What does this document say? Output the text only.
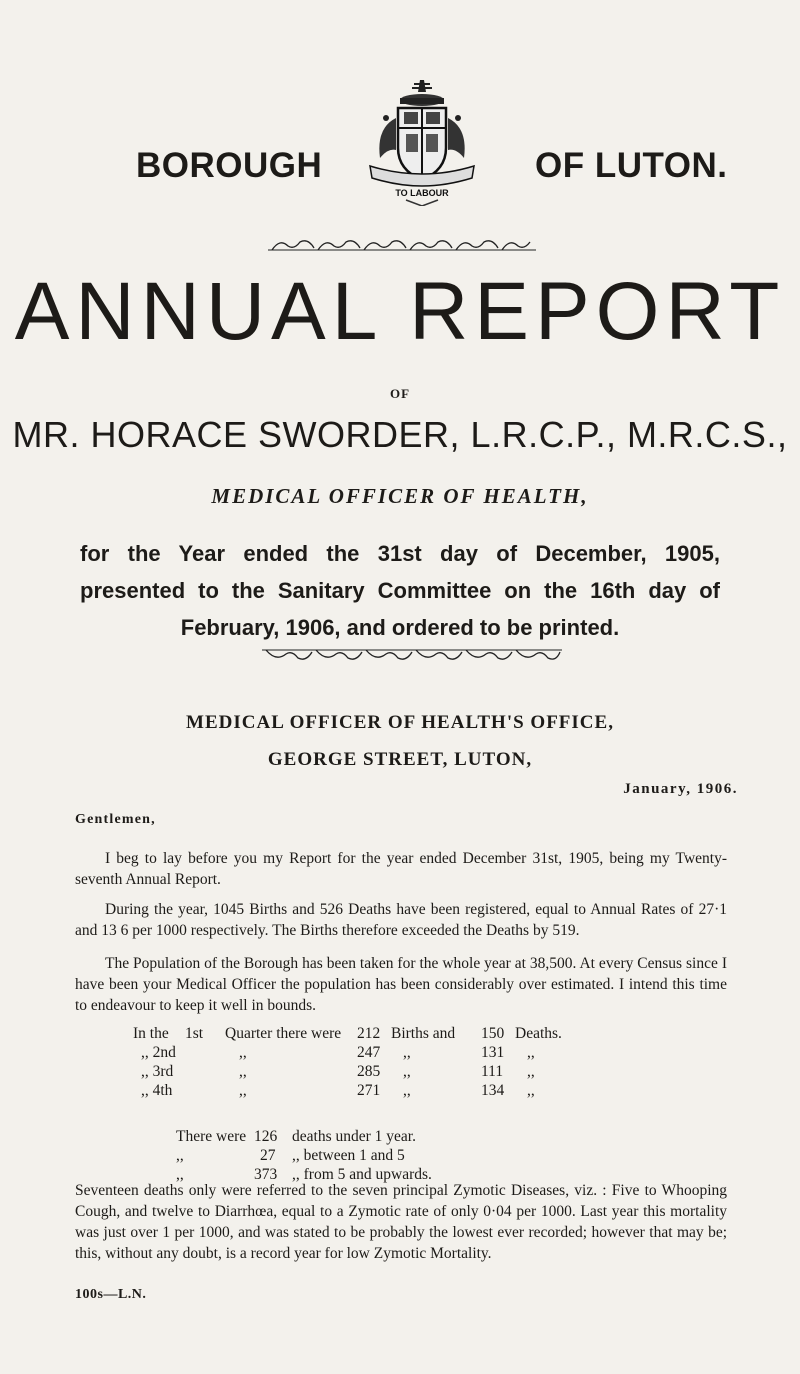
BOROUGH
TO LABOUR
OF LUTON.
ANNUAL REPORT
OF
MR. HORACE SWORDER, L.R.C.P., M.R.C.S.,
MEDICAL OFFICER OF HEALTH,
for the Year ended the 31st day of December, 1905, presented to the Sanitary Committee on the 16th day of February, 1906, and ordered to be printed.
MEDICAL OFFICER OF HEALTH'S OFFICE,
GEORGE STREET, LUTON,
January, 1906.
Gentlemen,
I beg to lay before you my Report for the year ended December 31st, 1905, being my Twenty-seventh Annual Report.
During the year, 1045 Births and 526 Deaths have been registered, equal to Annual Rates of 27·1 and 13 6 per 1000 respectively. The Births therefore exceeded the Deaths by 519.
The Population of the Borough has been taken for the whole year at 38,500. At every Census since I have been your Medical Officer the population has been considerably over estimated. I intend this time to endeavour to keep it well in bounds.
In the	1st	Quarter there were	212	Births and	150	Deaths.
	,, 2nd	,,	247	,,	131	,,
	,, 3rd	,,	285	,,	111	,,
	,, 4th	,,	271	,,	134	,,
There were	126	deaths under 1 year.
,,	27	,, between 1 and 5
,,	373	,, from 5 and upwards.
Seventeen deaths only were referred to the seven principal Zymotic Diseases, viz. : Five to Whooping Cough, and twelve to Diarrhœa, equal to a Zymotic rate of only 0·04 per 1000. Last year this mortality was just over 1 per 1000, and was stated to be probably the lowest ever recorded; however that may be; this, without any doubt, is a record year for low Zymotic Mortality.
100s—L.N.
